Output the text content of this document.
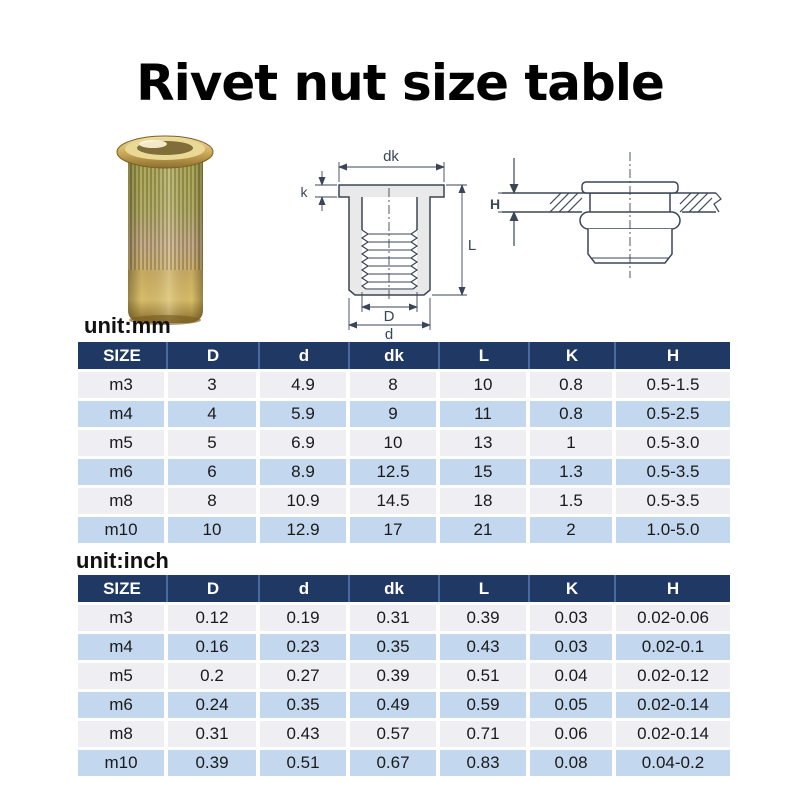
Rivet nut size table
dk
k
L
D
d
H
unit:mm
SIZE	D	d	dk	L	K	H
m3	3	4.9	8	10	0.8	0.5-1.5
m4	4	5.9	9	11	0.8	0.5-2.5
m5	5	6.9	10	13	1	0.5-3.0
m6	6	8.9	12.5	15	1.3	0.5-3.5
m8	8	10.9	14.5	18	1.5	0.5-3.5
m10	10	12.9	17	21	2	1.0-5.0
unit:inch
SIZE	D	d	dk	L	K	H
m3	0.12	0.19	0.31	0.39	0.03	0.02-0.06
m4	0.16	0.23	0.35	0.43	0.03	0.02-0.1
m5	0.2	0.27	0.39	0.51	0.04	0.02-0.12
m6	0.24	0.35	0.49	0.59	0.05	0.02-0.14
m8	0.31	0.43	0.57	0.71	0.06	0.02-0.14
m10	0.39	0.51	0.67	0.83	0.08	0.04-0.2
